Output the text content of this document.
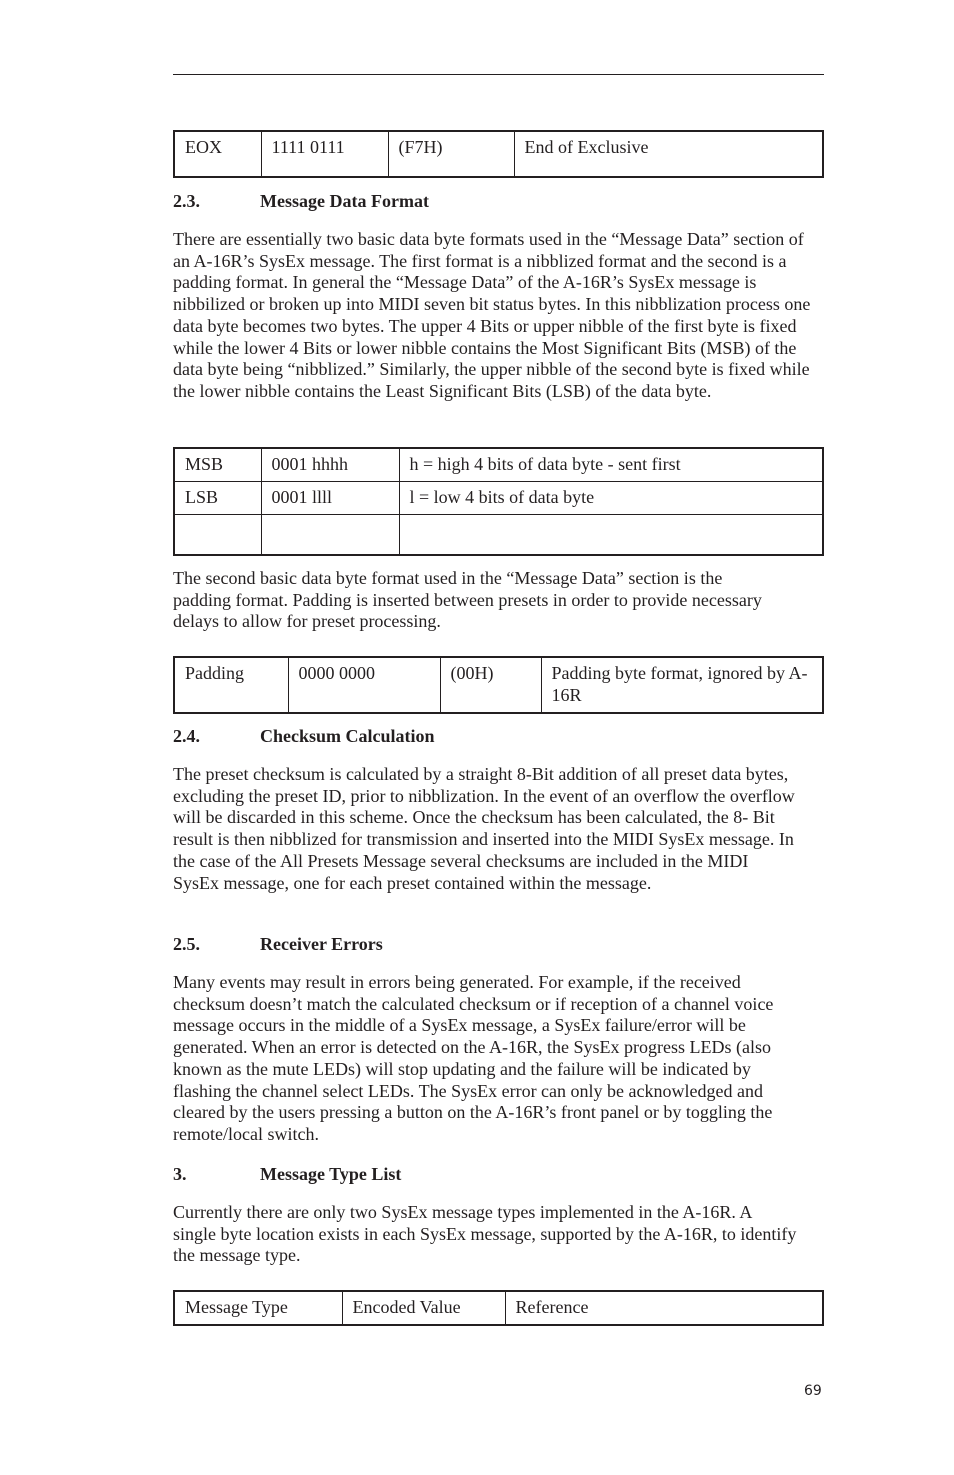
EOX	1111 0111	(F7H)	End of Exclusive
2.3.	Message Data Format

There are essentially two basic data byte formats used in the “Message Data” section of an A-16R’s SysEx message. The first format is a nibblized format and the second is a padding format. In general the “Message Data” of the A-16R’s SysEx message is nibbilized or broken up into MIDI seven bit status bytes. In this nibblization process one data byte becomes two bytes. The upper 4 Bits or upper nibble of the first byte is fixed while the lower 4 Bits or lower nibble contains the Most Significant Bits (MSB) of the data byte being “nibblized.” Similarly, the upper nibble of the second byte is fixed while the lower nibble contains the Least Significant Bits (LSB) of the data byte.

MSB	0001 hhhh	h = high 4 bits of data byte - sent first
LSB	0001 llll	l = low 4 bits of data byte

The second basic data byte format used in the “Message Data” section is the padding format. Padding is inserted between presets in order to provide necessary delays to allow for preset processing.

Padding	0000 0000	(00H)	Padding byte format, ignored by A-16R
2.4.	Checksum Calculation

The preset checksum is calculated by a straight 8-Bit addition of all preset data bytes, excluding the preset ID, prior to nibblization. In the event of an overflow the overflow will be discarded in this scheme. Once the checksum has been calculated, the 8- Bit result is then nibblized for transmission and inserted into the MIDI SysEx message. In the case of the All Presets Message several checksums are included in the MIDI SysEx message, one for each preset contained within the message.

2.5.	Receiver Errors

Many events may result in errors being generated. For example, if the received checksum doesn’t match the calculated checksum or if reception of a channel voice message occurs in the middle of a SysEx message, a SysEx failure/error will be generated. When an error is detected on the A-16R, the SysEx progress LEDs (also known as the mute LEDs) will stop updating and the failure will be indicated by flashing the channel select LEDs. The SysEx error can only be acknowledged and cleared by the users pressing a button on the A-16R’s front panel or by toggling the remote/local switch.

3.	Message Type List

Currently there are only two SysEx message types implemented in the A-16R. A single byte location exists in each SysEx message, supported by the A-16R, to identify the message type.

Message Type	Encoded Value	Reference
69
